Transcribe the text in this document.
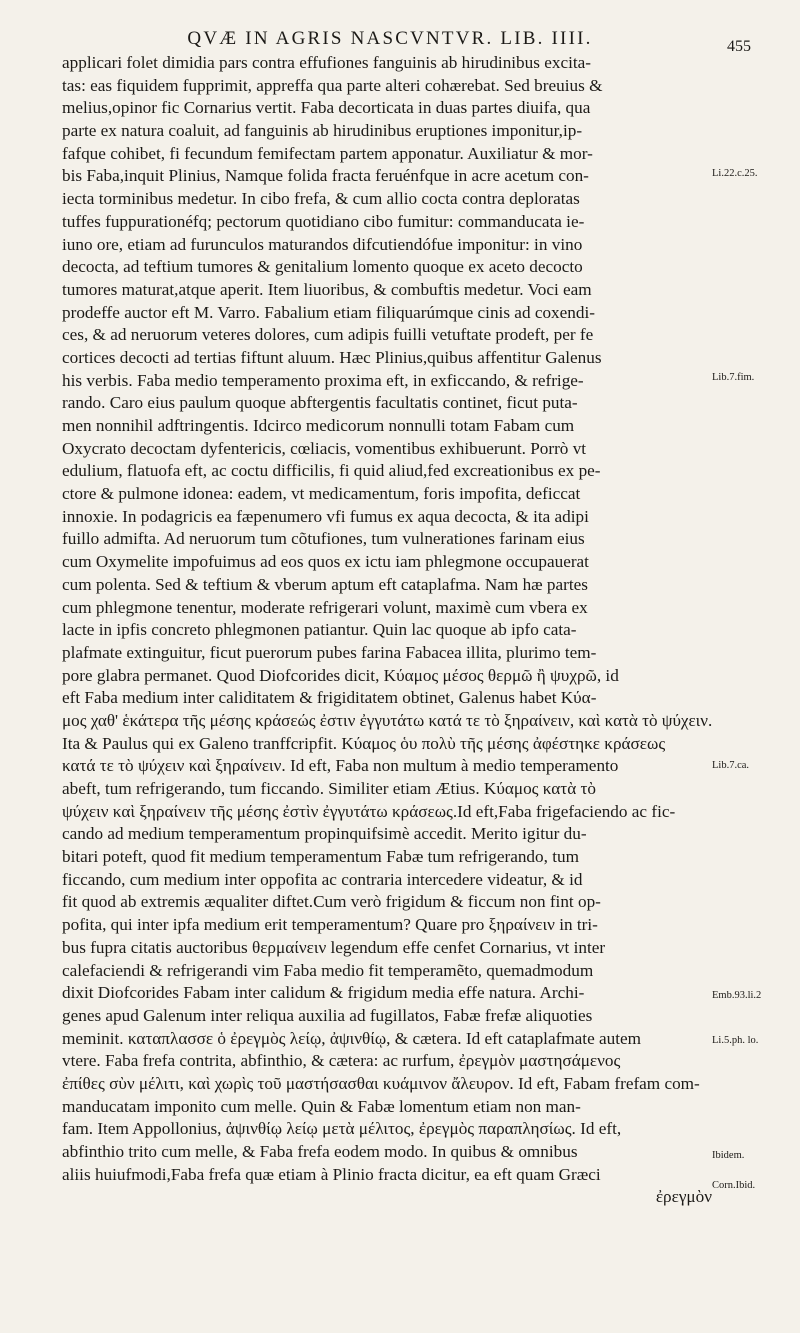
QVÆ IN AGRIS NASCVNTVR. LIB. IIII.	455
applicari folet dimidia pars contra effufiones fanguinis ab hirudinibus excita-
tas: eas fiquidem fupprimit, appreffa qua parte alteri cohærebat. Sed breuius &
melius,opinor fic Cornarius vertit. Faba decorticata in duas partes diuifa, qua
parte ex natura coaluit, ad fanguinis ab hirudinibus eruptiones imponitur,ip-
fafque cohibet, fi fecundum femifectam partem apponatur. Auxiliatur & mor-
bis Faba,inquit Plinius, Namque folida fracta feruénfque in acre acetum con-
iecta torminibus medetur. In cibo frefa, & cum allio cocta contra deploratas
tuffes fuppurationéfq; pectorum quotidiano cibo fumitur: commanducata ie-
iuno ore, etiam ad furunculos maturandos difcutiendófue imponitur: in vino
decocta, ad teftium tumores & genitalium lomento quoque ex aceto decocto
tumores maturat,atque aperit. Item liuoribus, & combuftis medetur. Voci eam
prodeffe auctor eft M. Varro. Fabalium etiam filiquarúmque cinis ad coxendi-
ces, & ad neruorum veteres dolores, cum adipis fuilli vetuftate prodeft, per fe
cortices decocti ad tertias fiftunt aluum. Hæc Plinius,quibus affentitur Galenus
his verbis. Faba medio temperamento proxima eft, in exficcando, & refrige-
rando. Caro eius paulum quoque abftergentis facultatis continet, ficut puta-
men nonnihil adftringentis. Idcirco medicorum nonnulli totam Fabam cum
Oxycrato decoctam dyfentericis, cœliacis, vomentibus exhibuerunt. Porrò vt
edulium, flatuofa eft, ac coctu difficilis, fi quid aliud,fed excreationibus ex pe-
ctore & pulmone idonea: eadem, vt medicamentum, foris impofita, deficcat
innoxie. In podagricis ea fæpenumero vfi fumus ex aqua decocta, & ita adipi
fuillo admifta. Ad neruorum tum cõtufiones, tum vulnerationes farinam eius
cum Oxymelite impofuimus ad eos quos ex ictu iam phlegmone occupauerat
cum polenta. Sed & teftium & vberum aptum eft cataplafma. Nam hæ partes
cum phlegmone tenentur, moderate refrigerari volunt, maximè cum vbera ex
lacte in ipfis concreto phlegmonen patiantur. Quin lac quoque ab ipfo cata-
plafmate extinguitur, ficut puerorum pubes farina Fabacea illita, plurimo tem-
pore glabra permanet. Quod Diofcorides dicit, Κύαμος μέσος θερμῶ ἢ ψυχρῶ, id
eft Faba medium inter caliditatem & frigiditatem obtinet, Galenus habet Κύα-
μος χαθ' ἑκάτερα τῆς μέσης κράσεώς ἐστιν ἐγγυτάτω κατά τε τὸ ξηραίνειν, καὶ κατὰ τὸ ψύχειν.
Ita & Paulus qui ex Galeno tranffcripfit. Κύαμος ὁυ πολὺ τῆς μέσης ἀφέστηκε κράσεως
κατά τε τὸ ψύχειν καὶ ξηραίνειν. Id eft, Faba non multum à medio temperamento
abeft, tum refrigerando, tum ficcando. Similiter etiam Ætius. Κύαμος κατὰ τὸ
ψύχειν καὶ ξηραίνειν τῆς μέσης ἐστὶν ἐγγυτάτω κράσεως.Id eft,Faba frigefaciendo ac fic-
cando ad medium temperamentum propinquifsimè accedit. Merito igitur du-
bitari poteft, quod fit medium temperamentum Fabæ tum refrigerando, tum
ficcando, cum medium inter oppofita ac contraria intercedere videatur, & id
fit quod ab extremis æqualiter diftet.Cum verò frigidum & ficcum non fint op-
pofita, qui inter ipfa medium erit temperamentum? Quare pro ξηραίνειν in tri-
bus fupra citatis auctoribus θερμαίνειν legendum effe cenfet Cornarius, vt inter
calefaciendi & refrigerandi vim Faba medio fit temperamẽto, quemadmodum
dixit Diofcorides Fabam inter calidum & frigidum media effe natura. Archi-
genes apud Galenum inter reliqua auxilia ad fugillatos, Fabæ frefæ aliquoties
meminit. καταπλασσε ὁ ἐρεγμὸς λείῳ, ἀψινθίῳ, & cætera. Id eft cataplafmate autem
vtere. Faba frefa contrita, abfinthio, & cætera: ac rurfum, ἐρεγμὸν μαστησάμενος
ἐπίθες σὺν μέλιτι, καὶ χωρὶς τοῦ μαστήσασθαι κυάμινον ἄλευρον. Id eft, Fabam frefam com-
manducatam imponito cum melle. Quin & Fabæ lomentum etiam non man-
fam. Item Appollonius, ἀψινθίῳ λείῳ μετὰ μέλιτος, ἐρεγμὸς παραπλησίως. Id eft,
abfinthio trito cum melle, & Faba frefa eodem modo. In quibus & omnibus
aliis huiufmodi,Faba frefa quæ etiam à Plinio fracta dicitur, ea eft quam Græci
ἐρεγμὸν
Li.22.c.25.
Lib.7.fim.
Lib.7.ca.
Emb.93.li.2
Li.5.ph. lo.
Ibidem.
Corn.Ibid.
